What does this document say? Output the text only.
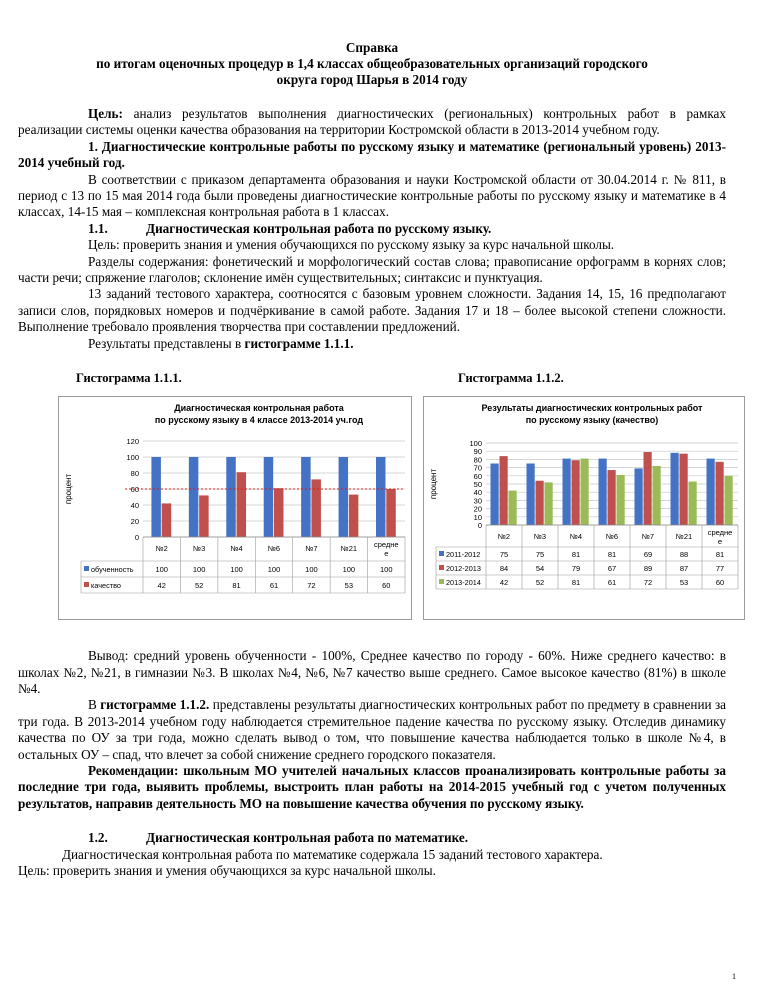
Справка
по итогам оценочных процедур в 1,4 классах общеобразовательных организаций городского
округа город Шарья в 2014 году

Цель: анализ результатов выполнения диагностических (региональных) контрольных работ в рамках реализации системы оценки качества образования на территории Костромской области в 2013-2014 учебном году.

1. Диагностические контрольные работы по русскому языку и математике (региональный уровень) 2013-2014 учебный год.

В соответствии с приказом департамента образования и науки Костромской области от 30.04.2014 г. № 811, в период с 13 по 15 мая 2014 года были проведены диагностические контрольные работы по русскому языку и математике в 4 классах, 14-15 мая – комплексная контрольная работа в 1 классах.

1.1.	Диагностическая контрольная работа по русскому языку.

Цель: проверить знания и умения обучающихся по русскому языку за курс начальной школы.

Разделы содержания: фонетический и морфологический состав слова; правописание орфограмм в корнях слов; части речи; спряжение глаголов; склонение имён существительных; синтаксис и пунктуация.

13 заданий тестового характера, соотносятся с базовым уровнем сложности. Задания 14, 15, 16 предполагают записи слов, порядковых номеров и подчёркивание в самой работе. Задания 17 и 18 – более высокой степени сложности. Выполнение требовало проявления творчества при составлении предложений.

Результаты представлены в гистограмме 1.1.1.

Гистограмма 1.1.1.	Гистограмма 1.1.2.
Диагностическая контрольная работа
по русскому языку в 4 классе 2013-2014 уч.год
процент
0
20
40
60
80
100
120
№2	№3	№4	№6	№7	№21 средне
е
обученность	100	100	100	100	100	100	100
качество	42	52	81	61	72	53	60
Результаты диагностических контрольных работ
по русскому языку (качество)
процент
0
10
20
30
40
50
60
70
80
90
100
№2	№3	№4	№6	№7	№21 средне
е
2011-2012	75	75	81	81	69	88	81
2012-2013	84	54	79	67	89	87	77
2013-2014	42	52	81	61	72	53	60

Вывод: средний уровень обученности - 100%, Среднее качество по городу - 60%. Ниже среднего качество: в школах №2, №21, в гимназии №3. В школах №4, №6, №7 качество выше среднего. Самое высокое качество (81%) в школе №4.

В гистограмме 1.1.2. представлены результаты диагностических контрольных работ по предмету в сравнении за три года. В 2013-2014 учебном году наблюдается стремительное падение качества по русскому языку. Отследив динамику качества по ОУ за три года, можно сделать вывод о том, что повышение качества наблюдается только в школе №4, в остальных ОУ – спад, что влечет за собой снижение среднего городского показателя.

Рекомендации: школьным МО учителей начальных классов проанализировать контрольные работы за последние три года, выявить проблемы, выстроить план работы на 2014-2015 учебный год с учетом полученных результатов, направив деятельность МО на повышение качества обучения по русскому языку.

1.2.	Диагностическая контрольная работа по математике.

Диагностическая контрольная работа по математике содержала 15 заданий тестового характера.

Цель: проверить знания и умения обучающихся за курс начальной школы.

1
